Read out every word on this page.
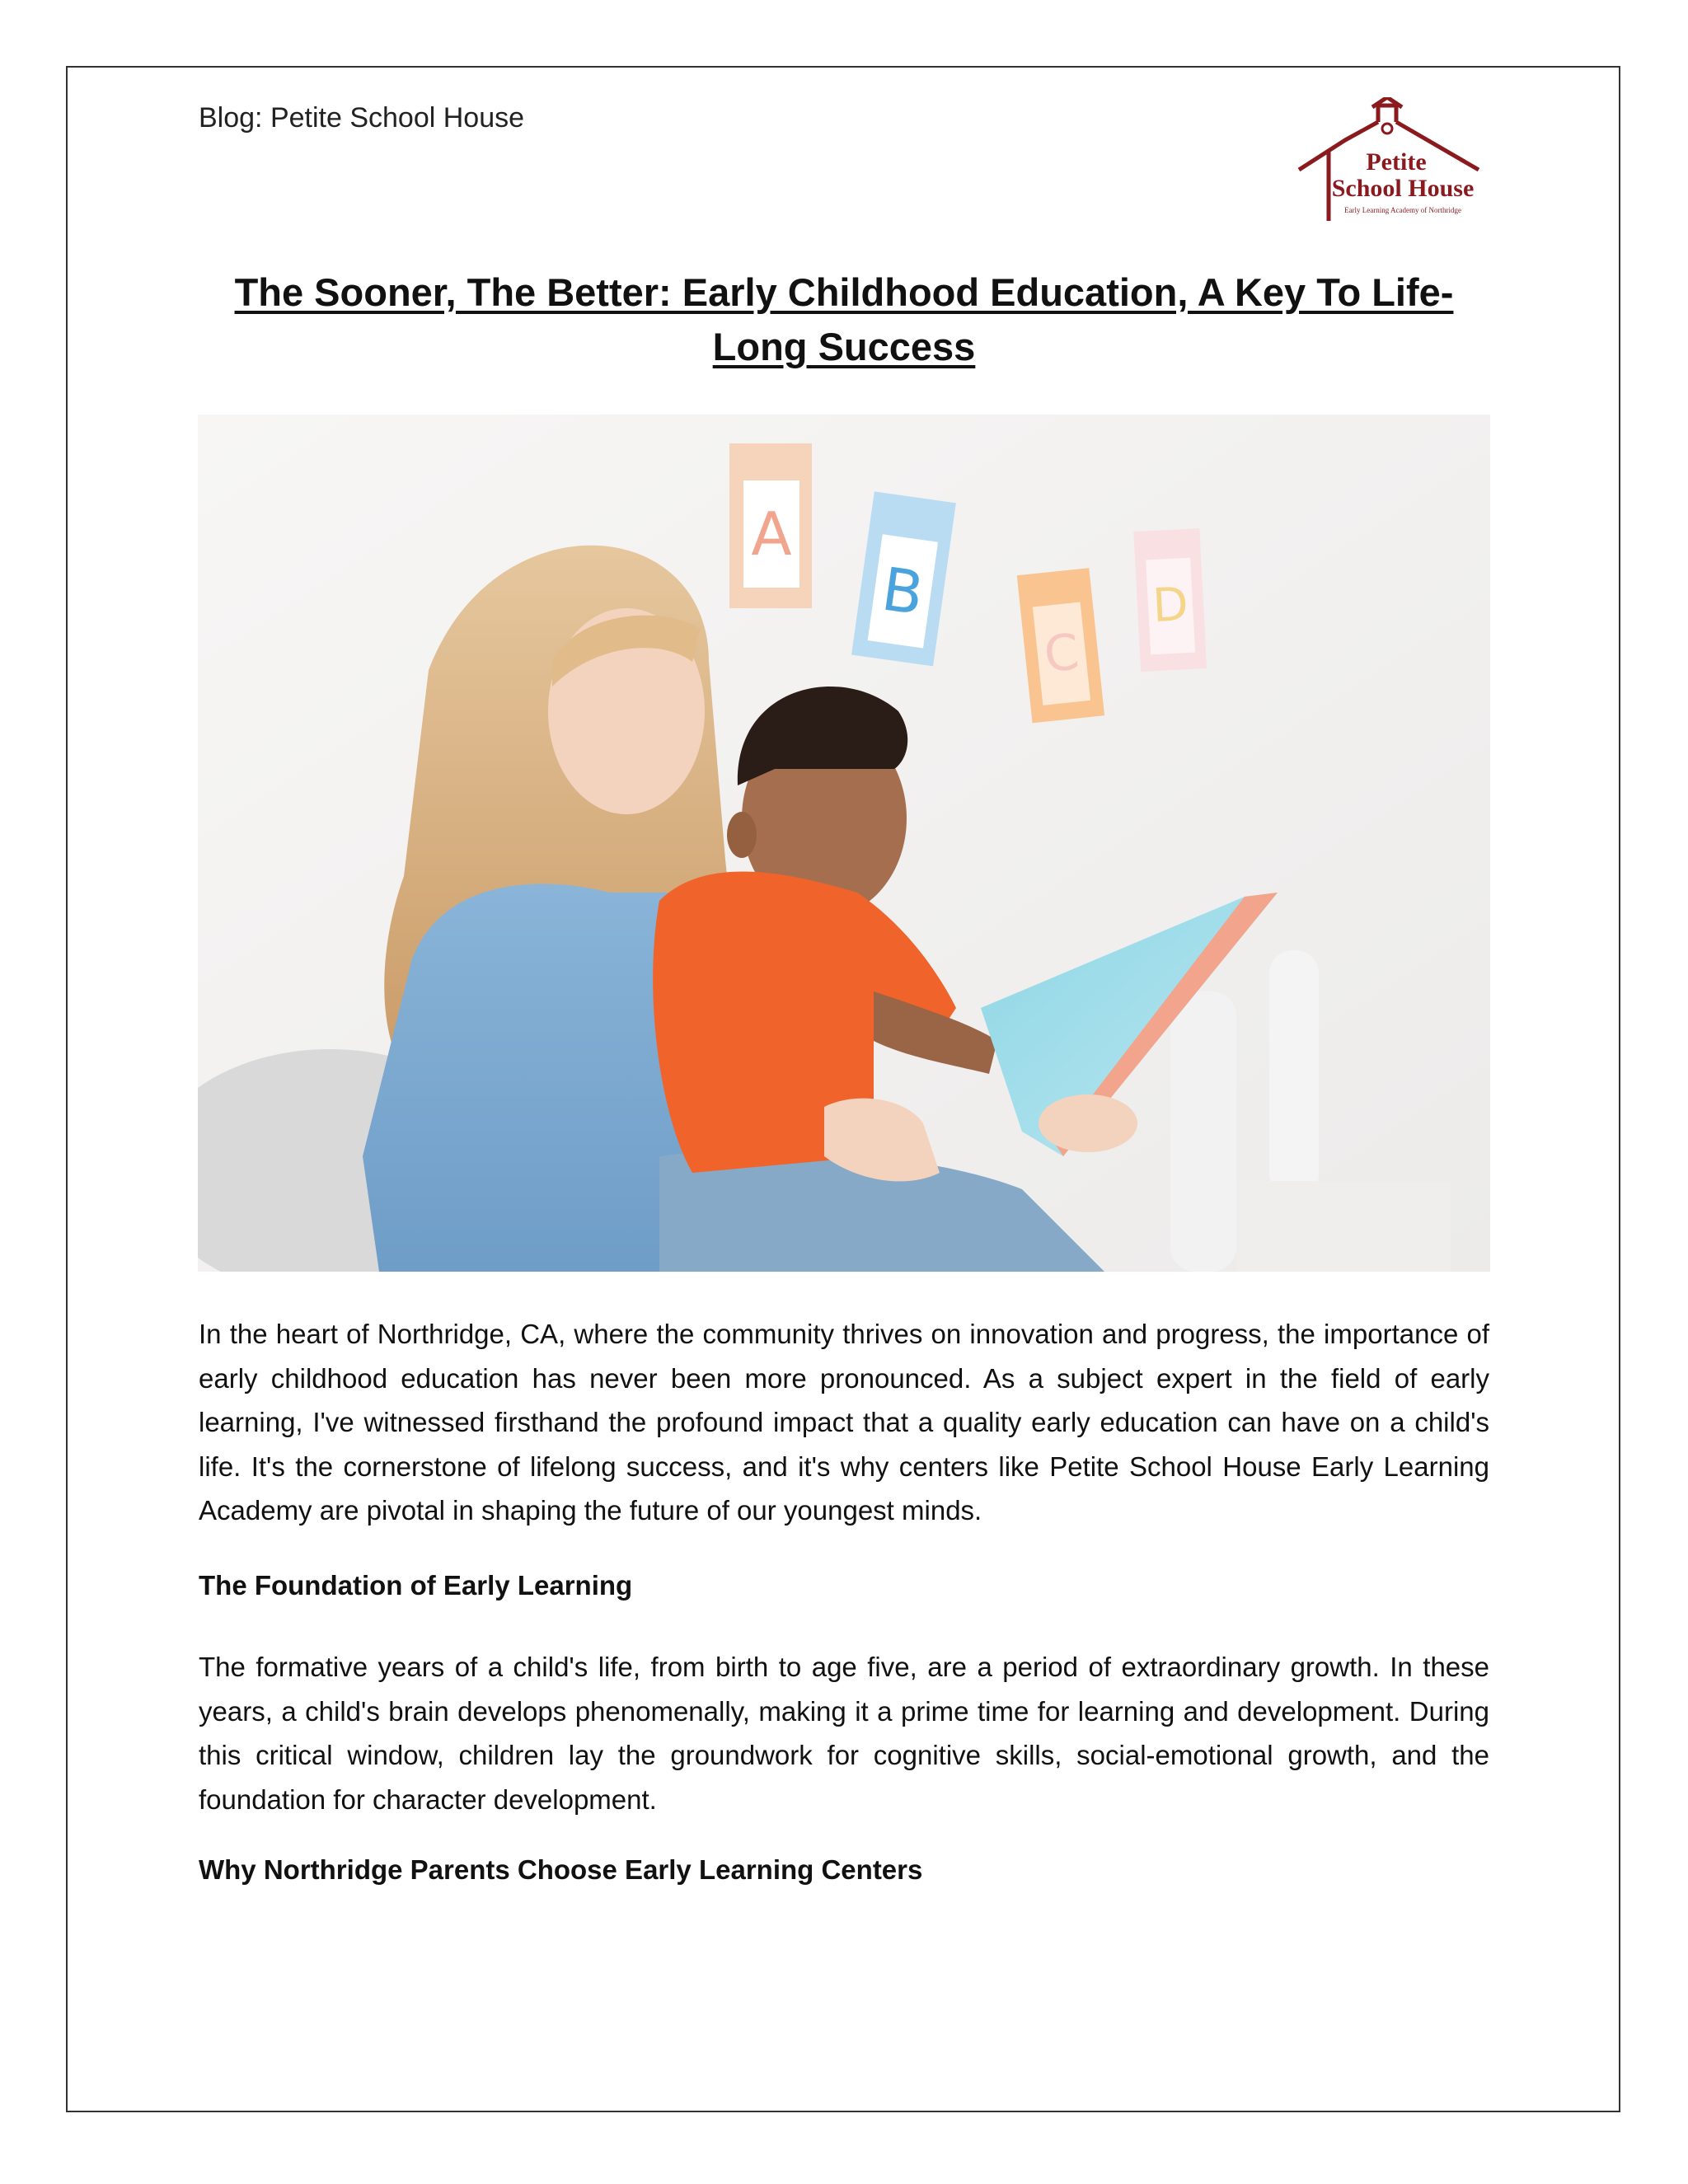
Blog: Petite School House
Petite
School House
Early Learning Academy of Northridge
The Sooner, The Better: Early Childhood Education, A Key To Life-Long Success
A
B
C
D

In the heart of Northridge, CA, where the community thrives on innovation and progress, the importance of early childhood education has never been more pronounced. As a subject expert in the field of early learning, I've witnessed firsthand the profound impact that a quality early education can have on a child's life. It's the cornerstone of lifelong success, and it's why centers like Petite School House Early Learning Academy are pivotal in shaping the future of our youngest minds.

The Foundation of Early Learning

The formative years of a child's life, from birth to age five, are a period of extraordinary growth. In these years, a child's brain develops phenomenally, making it a prime time for learning and development. During this critical window, children lay the groundwork for cognitive skills, social-emotional growth, and the foundation for character development.

Why Northridge Parents Choose Early Learning Centers
